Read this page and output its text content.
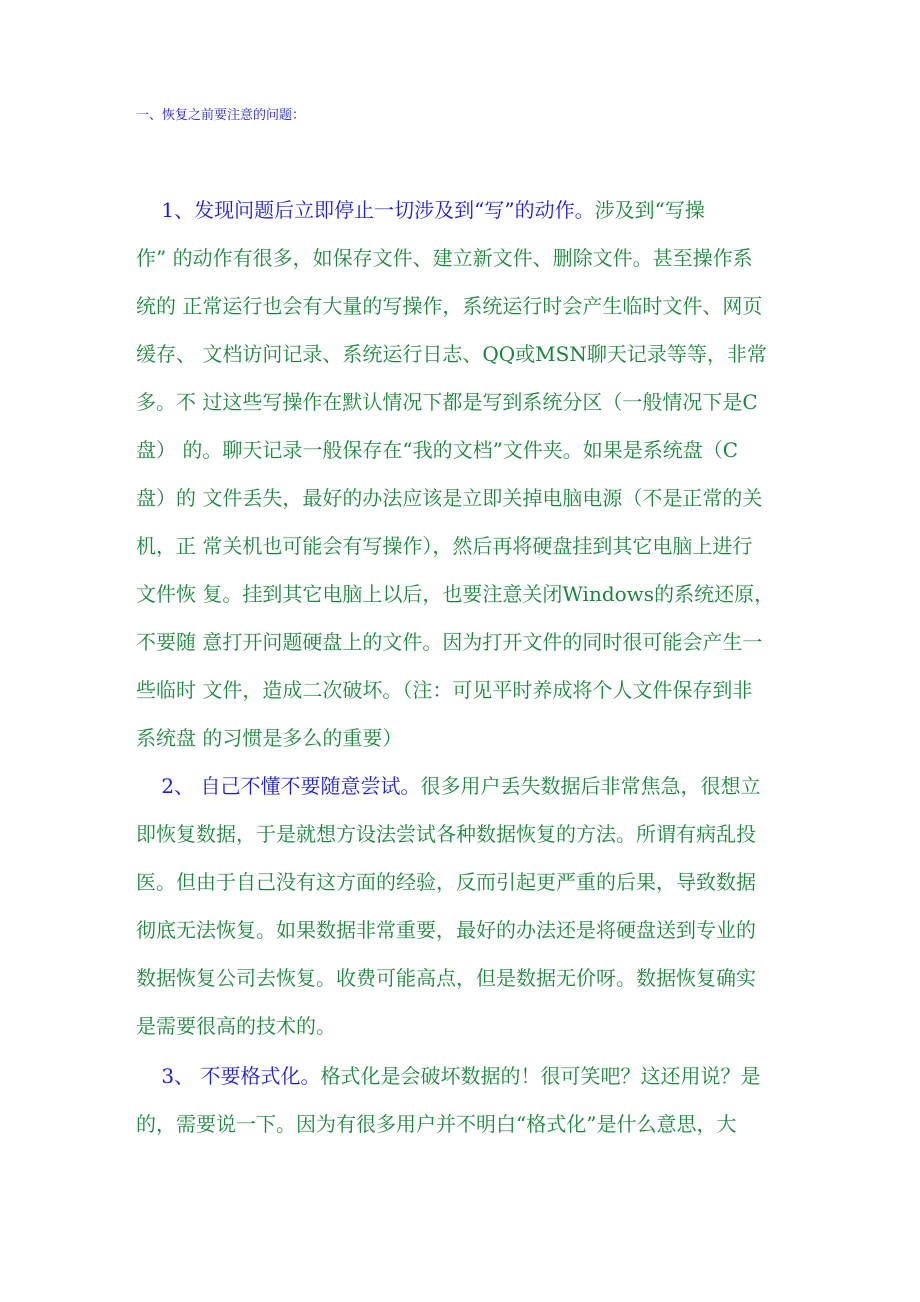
一、恢复之前要注意的问题：
1、发现问题后立即停止一切涉及到“写”的动作。涉及到“写操
作” 的动作有很多，如保存文件、建立新文件、删除文件。甚至操作系
统的 正常运行也会有大量的写操作，系统运行时会产生临时文件、网页
缓存、 文档访问记录、系统运行日志、QQ或MSN聊天记录等等，非常
多。不 过这些写操作在默认情况下都是写到系统分区（一般情况下是C
盘） 的。聊天记录一般保存在“我的文档”文件夹。如果是系统盘（C
盘）的 文件丢失，最好的办法应该是立即关掉电脑电源（不是正常的关
机，正 常关机也可能会有写操作），然后再将硬盘挂到其它电脑上进行
文件恢 复。挂到其它电脑上以后，也要注意关闭Windows的系统还原，
不要随 意打开问题硬盘上的文件。因为打开文件的同时很可能会产生一
些临时 文件，造成二次破坏。（注：可见平时养成将个人文件保存到非
系统盘 的习惯是多么的重要）
2、 自己不懂不要随意尝试。很多用户丢失数据后非常焦急，很想立
即恢复数据，于是就想方设法尝试各种数据恢复的方法。所谓有病乱投
医。但由于自己没有这方面的经验，反而引起更严重的后果，导致数据
彻底无法恢复。如果数据非常重要，最好的办法还是将硬盘送到专业的
数据恢复公司去恢复。收费可能高点，但是数据无价呀。数据恢复确实
是需要很高的技术的。
3、 不要格式化。格式化是会破坏数据的！很可笑吧？这还用说？是
的，需要说一下。因为有很多用户并不明白“格式化”是什么意思，大
